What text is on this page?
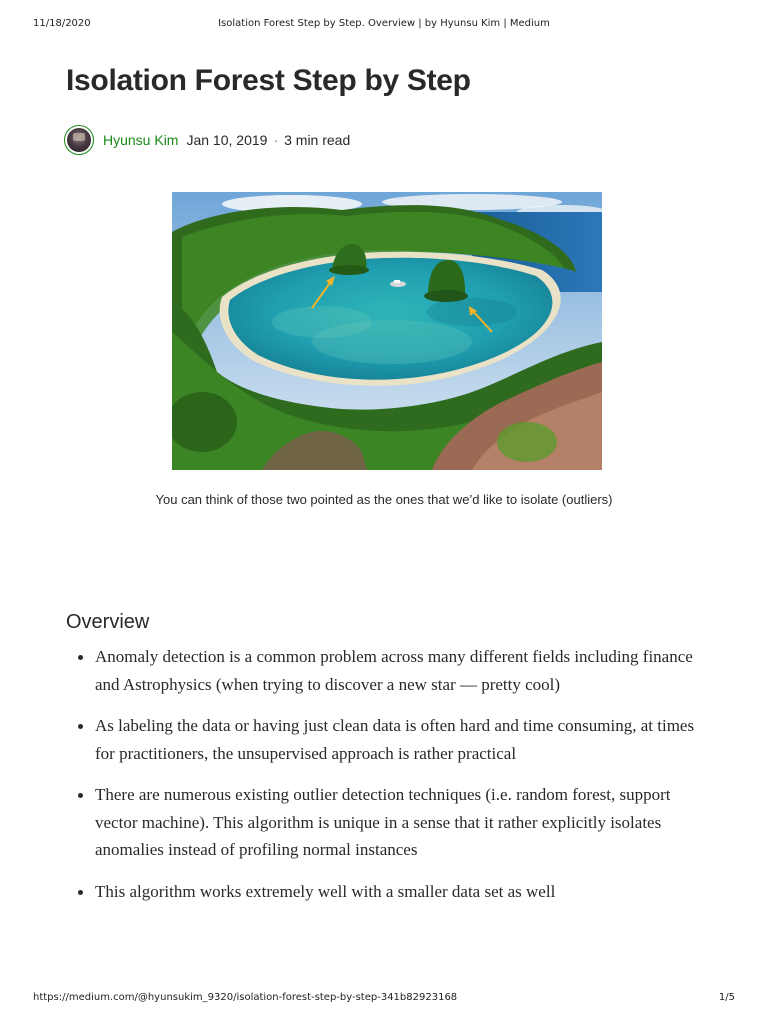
11/18/2020	Isolation Forest Step by Step. Overview | by Hyunsu Kim | Medium
Isolation Forest Step by Step
Hyunsu Kim Jan 10, 2019 · 3 min read
You can think of those two pointed as the ones that we’d like to isolate (outliers)
Overview
Anomaly detection is a common problem across many different fields including finance and Astrophysics (when trying to discover a new star — pretty cool)
As labeling the data or having just clean data is often hard and time consuming, at times for practitioners, the unsupervised approach is rather practical
There are numerous existing outlier detection techniques (i.e. random forest, support vector machine). This algorithm is unique in a sense that it rather explicitly isolates anomalies instead of profiling normal instances
This algorithm works extremely well with a smaller data set as well
https://medium.com/@hyunsukim_9320/isolation-forest-step-by-step-341b82923168	1/5
